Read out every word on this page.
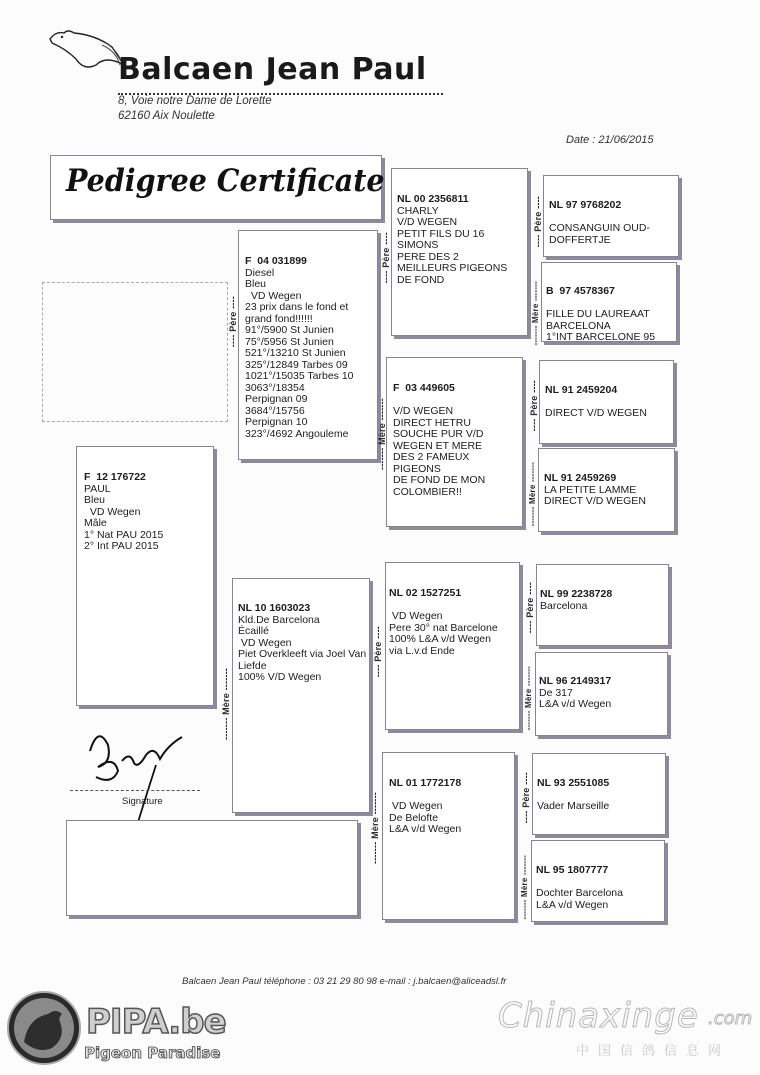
Balcaen Jean Paul
8, Voie notre Dame de Lorette
62160 Aix Noulette
Date : 21/06/2015
Pedigree Certificate

F  12 176722
PAUL
Bleu
VD Wegen
Mâle
1° Nat PAU 2015
2° Int PAU 2015

F  04 031899
Diesel
Bleu
VD Wegen
23 prix dans le fond et grand fond!!!!!!
91°/5900 St Junien
75°/5956 St Junien
521°/13210 St Junien
325°/12849 Tarbes 09
1021°/15035 Tarbes 10
3063°/18354
Perpignan 09
3684°/15756
Perpignan 10
323°/4692 Angouleme

---- Père ----

NL 10 1603023
Kld.De Barcelona
Écaillé
VD Wegen
Piet Overkleeft via Joel Van Liefde
100% V/D Wegen

------- Mère -------

NL 00 2356811
CHARLY
V/D WEGEN
PETIT FILS DU 16
SIMONS
PERE DES 2
MEILLEURS PIGEONS
DE FOND

---- Père ----

F  03 449605

V/D WEGEN
DIRECT HETRU
SOUCHE PUR V/D
WEGEN ET MERE
DES 2 FAMEUX
PIGEONS
DE FOND DE MON
COLOMBIER!!

------- Mère -------

NL 02 1527251

VD Wegen
Pere 30° nat Barcelone
100% L&A v/d Wegen
via L.v.d Ende

---- Père ----

NL 01 1772178

VD Wegen
De Belofte
L&A v/d Wegen

------- Mère -------

NL 97 9768202

CONSANGUIN OUD-
DOFFERTJE

---- Père ----

B  97 4578367

FILLE DU LAUREAAT
BARCELONA
1°INT BARCELONE 95

------- Mère -------

NL 91 2459204

DIRECT V/D WEGEN

---- Père ----

NL 91 2459269
LA PETITE LAMME
DIRECT V/D WEGEN

------- Mère -------

NL 99 2238728
Barcelona

---- Père ----

NL 96 2149317
De 317
L&A v/d Wegen

------- Mère -------

NL 93 2551085

Vader Marseille

---- Père ----

NL 95 1807777

Dochter Barcelona
L&A v/d Wegen

------- Mère -------
Signature
Balcaen Jean Paul téléphone : 03 21 29 80 98 e-mail : j.balcaen@aliceadsl.fr
PIPA.be
Pigeon Paradise
Chinaxinge .com
中国信鸽信息网
